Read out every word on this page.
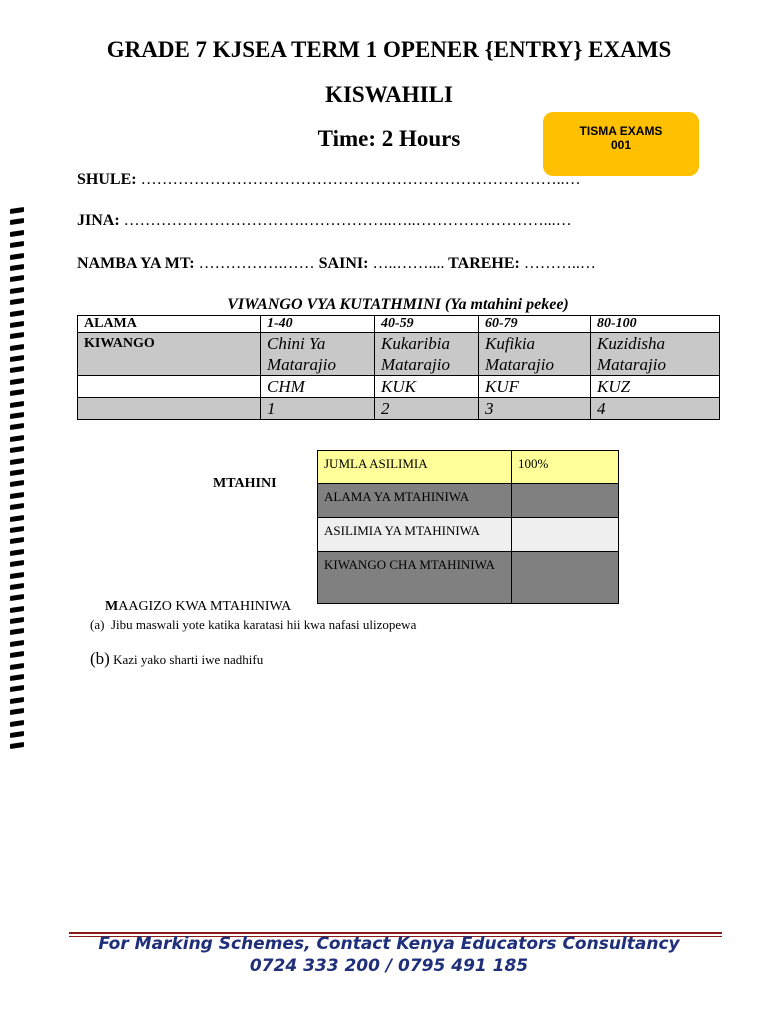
GRADE 7 KJSEA TERM 1 OPENER {ENTRY} EXAMS
KISWAHILI
Time: 2 Hours	TISMA EXAMS
001
SHULE: ……………………………………………………………………..…
JINA: …………………………….……………..…..……………………...…
NAMBA YA MT: …………….…… SAINI: …..…….... TAREHE: ………..…
VIWANGO VYA KUTATHMINI (Ya mtahini pekee)
ALAMA	1-40	40-59	60-79	80-100
KIWANGO	Chini Ya Matarajio	Kukaribia Matarajio	Kufikia Matarajio	Kuzidisha Matarajio
	CHM	KUK	KUF	KUZ
	1	2	3	4
MTAHINI
JUMLA ASILIMIA	100%
ALAMA YA MTAHINIWA	
ASILIMIA YA MTAHINIWA	
KIWANGO CHA MTAHINIWA	
MAAGIZO KWA MTAHINIWA
(a) Jibu maswali yote katika karatasi hii kwa nafasi ulizopewa
(b) Kazi yako sharti iwe nadhifu
For Marking Schemes, Contact Kenya Educators Consultancy
0724 333 200 / 0795 491 185
